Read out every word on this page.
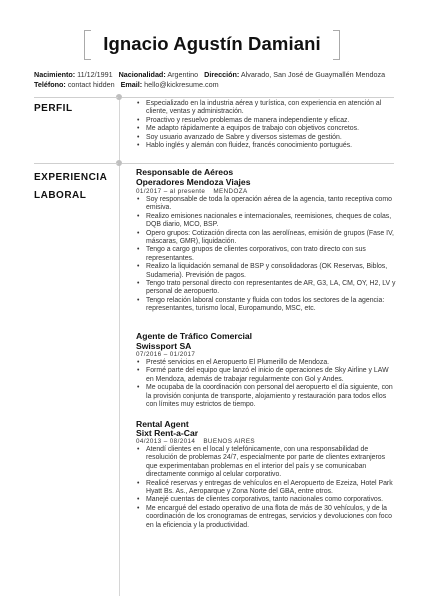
Ignacio Agustín Damiani
Nacimiento: 11/12/1991 Nacionalidad: Argentino Dirección: Alvarado, San José de Guaymallén Mendoza
Teléfono: contact hidden Email: hello@kickresume.com
PERFIL
•	Especializado en la industria aérea y turística, con experiencia en atención al cliente, ventas y administración.
• Proactivo y resuelvo problemas de manera independiente y eficaz.
• Me adapto rápidamente a equipos de trabajo con objetivos concretos.
• Soy usuario avanzado de Sabre y diversos sistemas de gestión.
• Hablo inglés y alemán con fluidez, francés conocimiento portugués.
EXPERIENCIA
LABORAL
Responsable de Aéreos
Operadores Mendoza Viajes
01/2017 – al presente MENDOZA
• Soy responsable de toda la operación aérea de la agencia, tanto receptiva como emisiva.
• Realizo emisiones nacionales e internacionales, reemisiones, cheques de colas, DQB diario, MCO, BSP.
• Opero grupos: Cotización directa con las aerolíneas, emisión de grupos (Fase IV, máscaras, GMR), liquidación.
• Tengo a cargo grupos de clientes corporativos, con trato directo con sus representantes.
• Realizo la liquidación semanal de BSP y consolidadoras (OK Reservas, Biblos, Sudameria). Previsión de pagos.
• Tengo trato personal directo con representantes de AR, G3, LA, CM, OY, H2, LV y personal de aeropuerto.
• Tengo relación laboral constante y fluida con todos los sectores de la agencia: representantes, turismo local, Europamundo, MSC, etc.
Agente de Tráfico Comercial
Swissport SA
07/2016 – 01/2017
• Presté servicios en el Aeropuerto El Plumerillo de Mendoza.
• Formé parte del equipo que lanzó el inicio de operaciones de Sky Airline y LAW en Mendoza, además de trabajar regularmente con Gol y Andes.
• Me ocupaba de la coordinación con personal del aeropuerto el día siguiente, con la provisión conjunta de transporte, alojamiento y restauración para todos ellos con límites muy estrictos de tiempo.
Rental Agent
Sixt Rent-a-Car
04/2013 – 08/2014 BUENOS AIRES
• Atendí clientes en el local y telefónicamente, con una responsabilidad de resolución de problemas 24/7, especialmente por parte de clientes extranjeros que experimentaban problemas en el interior del país y se comunicaban directamente conmigo al celular corporativo.
• Realicé reservas y entregas de vehículos en el Aeropuerto de Ezeiza, Hotel Park Hyatt Bs. As., Aeroparque y Zona Norte del GBA, entre otros.
• Manejé cuentas de clientes corporativos, tanto nacionales como corporativos.
• Me encargué del estado operativo de una flota de más de 30 vehículos, y de la coordinación de los cronogramas de entregas, servicios y devoluciones con foco en la eficiencia y la productividad.
